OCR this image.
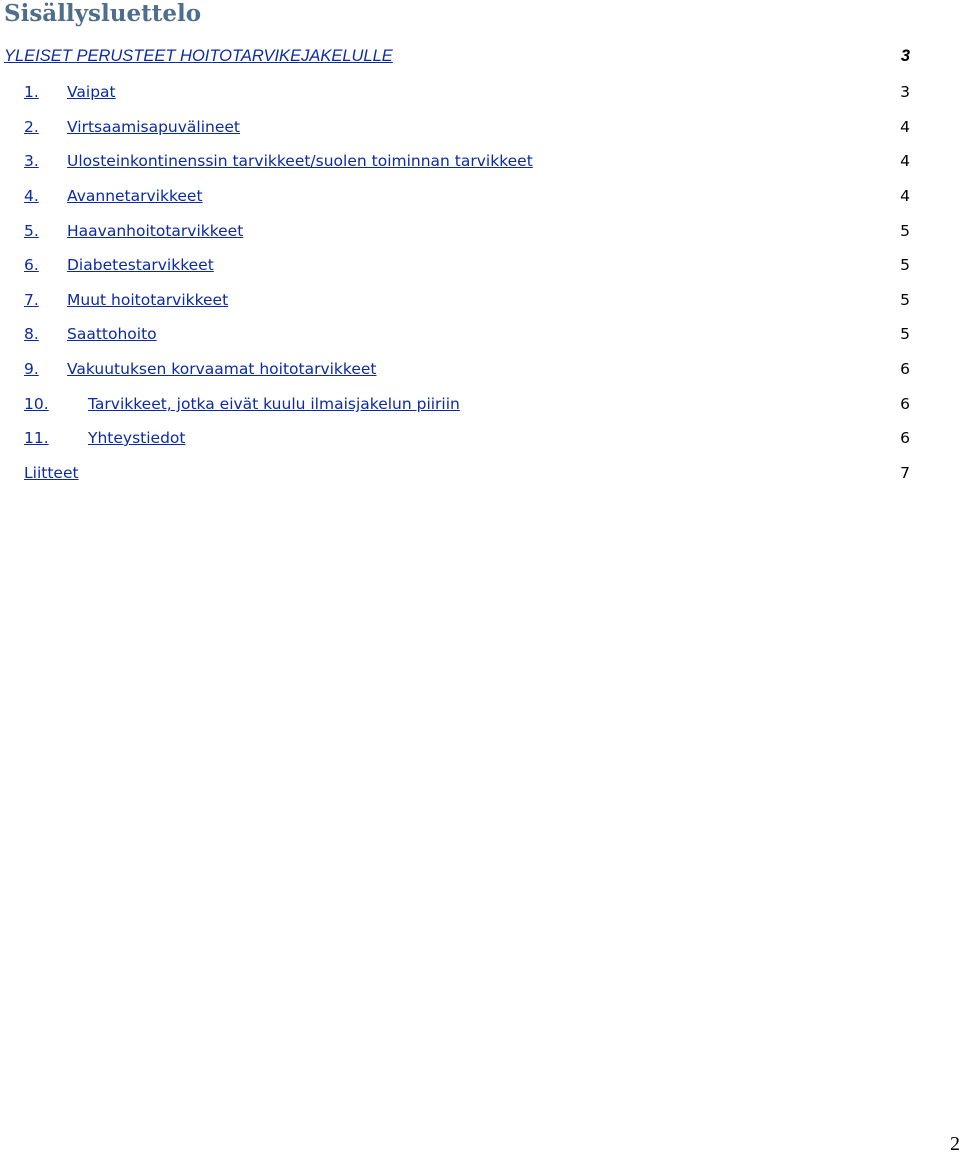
Sisällysluettelo
YLEISET PERUSTEET HOITOTARVIKEJAKELULLE	3
1. Vaipat	3
2. Virtsaamisapuvälineet	4
3. Ulosteinkontinenssin tarvikkeet/suolen toiminnan tarvikkeet	4
4. Avannetarvikkeet	4
5. Haavanhoitotarvikkeet	5
6. Diabetestarvikkeet	5
7. Muut hoitotarvikkeet	5
8. Saattohoito	5
9. Vakuutuksen korvaamat hoitotarvikkeet	6
10.	Tarvikkeet, jotka eivät kuulu ilmaisjakelun piiriin	6
11.	Yhteystiedot	6
Liitteet	7
2
